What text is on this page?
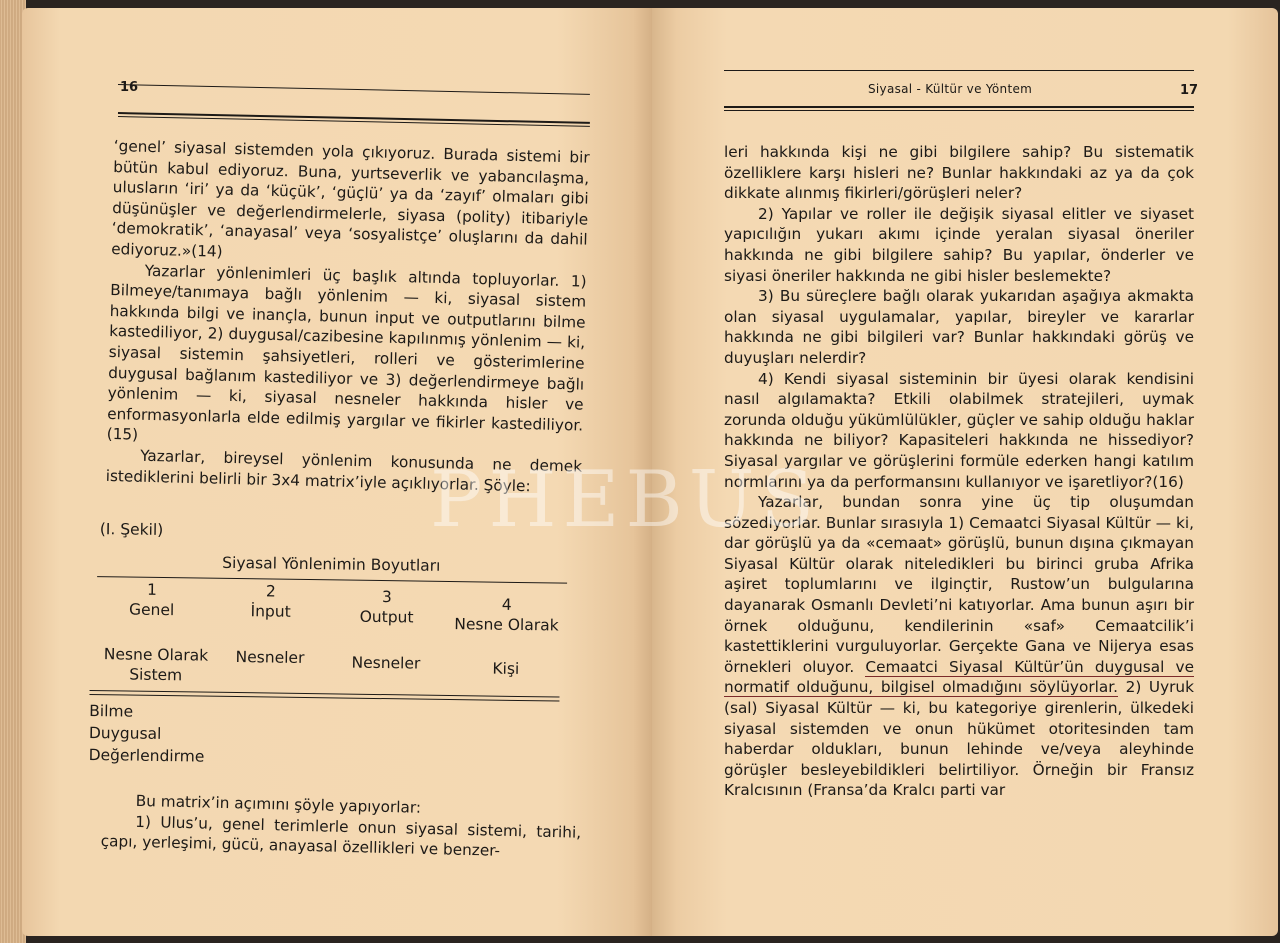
16

‘genel’ siyasal sistemden yola çıkıyoruz. Burada sistemi bir bütün kabul ediyoruz. Buna, yurtseverlik ve yabancılaşma, ulusların ‘iri’ ya da ‘küçük’, ‘güçlü’ ya da ‘zayıf’ olmaları gibi düşünüşler ve değerlendirmelerle, siyasa (polity) itibariyle ‘demokratik’, ‘anayasal’ veya ‘sosyalistçe’ oluşlarını da dahil ediyoruz.»(14)

Yazarlar yönlenimleri üç başlık altında topluyorlar. 1) Bilmeye/tanımaya bağlı yönlenim — ki, siyasal sistem hakkında bilgi ve inançla, bunun input ve outputlarını bilme kastediliyor, 2) duygusal/cazibesine kapılınmış yönlenim — ki, siyasal sistemin şahsiyetleri, rolleri ve gösterimlerine duygusal bağlanım kastediliyor ve 3) değerlendirmeye bağlı yönlenim — ki, siyasal nesneler hakkında hisler ve enformasyonlarla elde edilmiş yargılar ve fikirler kastediliyor.(15)

Yazarlar, bireysel yönlenim konusunda ne demek istediklerini belirli bir 3x4 matrix’iyle açıklıyorlar. Şöyle:

(I. Şekil)
Siyasal Yönlenimin Boyutları
1
Genel
Nesne Olarak Sistem
2
İnput
Nesneler
3
Output
Nesneler
4
Nesne Olarak
Kişi
Bilme
Duygusal
Değerlendirme

Bu matrix’in açımını şöyle yapıyorlar:

1) Ulus’u, genel terimlerle onun siyasal sistemi, tarihi, çapı, yerleşimi, gücü, anayasal özellikleri ve benzer-

Siyasal - Kültür ve Yöntem	17

leri hakkında kişi ne gibi bilgilere sahip? Bu sistematik özelliklere karşı hisleri ne? Bunlar hakkındaki az ya da çok dikkate alınmış fikirleri/görüşleri neler?

2) Yapılar ve roller ile değişik siyasal elitler ve siyaset yapıcılığın yukarı akımı içinde yeralan siyasal öneriler hakkında ne gibi bilgilere sahip? Bu yapılar, önderler ve siyasi öneriler hakkında ne gibi hisler beslemekte?

3) Bu süreçlere bağlı olarak yukarıdan aşağıya akmakta olan siyasal uygulamalar, yapılar, bireyler ve kararlar hakkında ne gibi bilgileri var? Bunlar hakkındaki görüş ve duyuşları nelerdir?

4) Kendi siyasal sisteminin bir üyesi olarak kendisini nasıl algılamakta? Etkili olabilmek stratejileri, uymak zorunda olduğu yükümlülükler, güçler ve sahip olduğu haklar hakkında ne biliyor? Kapasiteleri hakkında ne hissediyor? Siyasal yargılar ve görüşlerini formüle ederken hangi katılım normlarını ya da performansını kullanıyor ve işaretliyor?(16)

Yazarlar, bundan sonra yine üç tip oluşumdan sözediyorlar. Bunlar sırasıyla 1) Cemaatci Siyasal Kültür — ki, dar görüşlü ya da «cemaat» görüşlü, bunun dışına çıkmayan Siyasal Kültür olarak niteledikleri bu birinci gruba Afrika aşiret toplumlarını ve ilginçtir, Rustow’un bulgularına dayanarak Osmanlı Devleti’ni katıyorlar. Ama bunun aşırı bir örnek olduğunu, kendilerinin «saf» Cemaatcilik’i kastettiklerini vurguluyorlar. Gerçekte Gana ve Nijerya esas örnekleri oluyor. Cemaatci Siyasal Kültür’ün duygusal ve normatif olduğunu, bilgisel olmadığını söylüyorlar. 2) Uyruk (sal) Siyasal Kültür — ki, bu kategoriye girenlerin, ülkedeki siyasal sistemden ve onun hükümet otoritesinden tam haberdar oldukları, bunun lehinde ve/veya aleyhinde görüşler besleyebildikleri belirtiliyor. Örneğin bir Fransız Kralcısının (Fransa’da Kralcı parti var

PHEBUS
